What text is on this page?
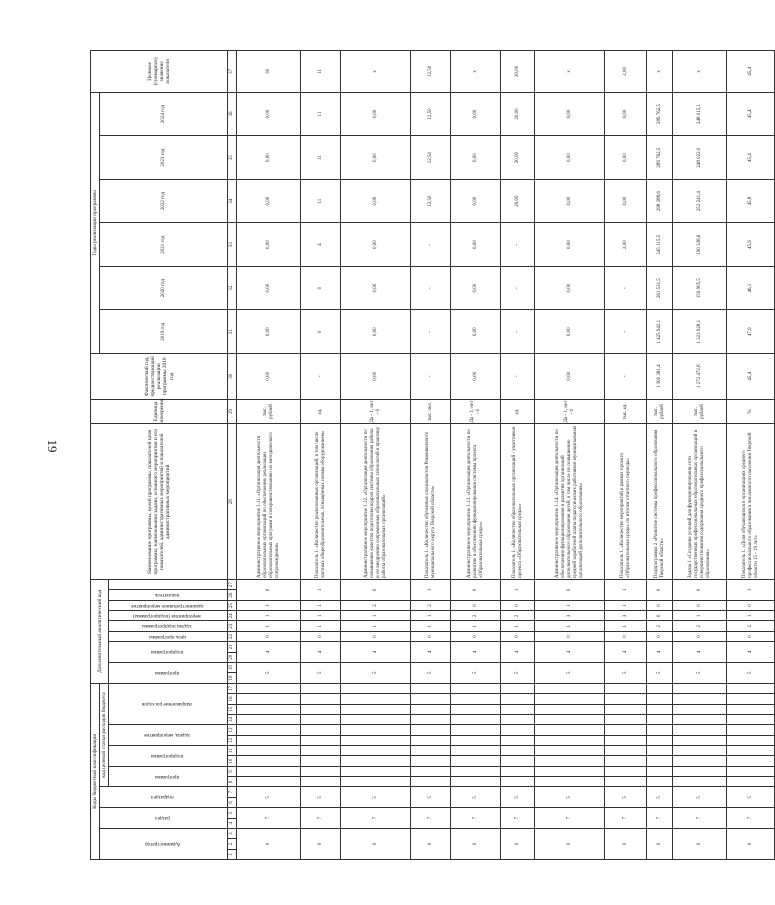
19
Коды бюджетной классификации																	Дополнительный аналитический код										Наименование программы, целей программы, показателей цели программы, наименования задачи, основного мероприятия и его показателей, административных мероприятий и показателей административных мероприятий	Единица измерения	Фактический год, предшествующий реализации программы 2018 год	Годы реализации программы						Целевое (суммарное) значение показателя
Администратор			раздел		подраздел		код целевой статьи расходов бюджета																							2019 год	2020 год	2021 год	2022 год	2023 год	2024 год	
							программа		подпрограмма		задача, мероприятие		направление расходов				программа		подпрограмма		цель программы	задачи подпрограммы	мероприятия (подпрограммы)	административное мероприятие	показатель											

1	2	3	4	5	6	7	8	9	10	11	12	13	14	15	16	17	18	19	20	21	22	23	24	25	26	27	28	29	30	31	32	33	34	35	36	37
0			7		5												5		4		0	1	1	1	0		Административное мероприятие 1.11. «Организация деятельности образовательных организаций по обеспечению реализации образовательных программ и совершенствованию их методического сопровождения»	тыс. рублей	0,00	0,00	0,00	0,00	0,00	0,00	0,00	30
0			7		5												5		4		0	1	1	1	1		Показатель 1. «Количество реализованных организаций, в том числе частных общеобразовательных, оснащённых новым оборудованием»	ед.	-	0	0	4	11	11	11	11
0			7		5												5		4		0	1	1	2	0		Административное мероприятие 1.12. «Организация деятельности по повышению качества подготовки кадров системы образования района и по внедрению современных образовательных технологий в практику работы образовательных организаций»	Да - 1, нет - 0	0,00	0,00	0,00	0,00	0,00	0,00	0,00	х
0			7		5												5		4		0	1	1	2	1		Показатель 1. «Количество обученных специалистов Рамешковского муниципального округа Тверской области»	тыс. чел.	-	-	-	-	12,50	12,50	12,50	12,50
0			7		5												5		4		0	1	2	0	0		Административное мероприятие 1.13. «Организация деятельности по развитию и обеспечению функционирования системы проекта «Образовательная среда»»	Да - 1, нет - 0	0,00	0,00	0,00	0,00	0,00	0,00	0,00	х
0			7		5												5		4		0	1	2	0	1		Показатель 1. «Количество образовательных организаций - участников проекта «Образовательная среда»»	ед.	-	-	-	-	20,00	20,00	20,00	20,00
0			7		5												5		4		0	1	3	1	0		Административное мероприятие 1.14. «Организация деятельности по обеспечению функционирования и развития организаций дополнительного образования детей, в том числе по повышению средней заработной платы педагогических работников муниципальных организаций дополнительного образования»	Да - 1, нет - 0	0,00	0,00	0,00	0,00	0,00	0,00	0,00	х
0			7		5												5		4		0	1	3	1	1		Показатель 1. «Количество мероприятий в рамках проекта «Образовательная среда» по итогам отчетного периода»	тыс. ед.	-	-	-	2,00	0,00	0,00	0,00	2,00
0			7		5												5		4		0	2	0	0	0		Подпрограмма 2 «Развитие системы профессионального образования Тверской области»	тыс. рублей	1 300 381,4	1 425 942,1	261 531,5	245 115,5	298 288,6	289 762,5	289 762,5	х
0			7		5												5		4		0	2	1	0	0		Задача 1 «Создание условий для функционирования сети государственных профессиональных образовательных организаций и совершенствования содержания среднего профессионального образования»	тыс. рублей	1 272 472,8	1 323 928,1	159 905,5	190 338,6	252 241,4	248 022,0	248 015,1	х
0			7		5												5		4		0	2	1	0	1		Показатель 1. «Доля обучающихся в организациях среднего профессионального образования в численности населения Тверской области 15 - 19 лет»	%	45,4	47,9	46,1	45,9	45,8	45,4	45,4	45,4
